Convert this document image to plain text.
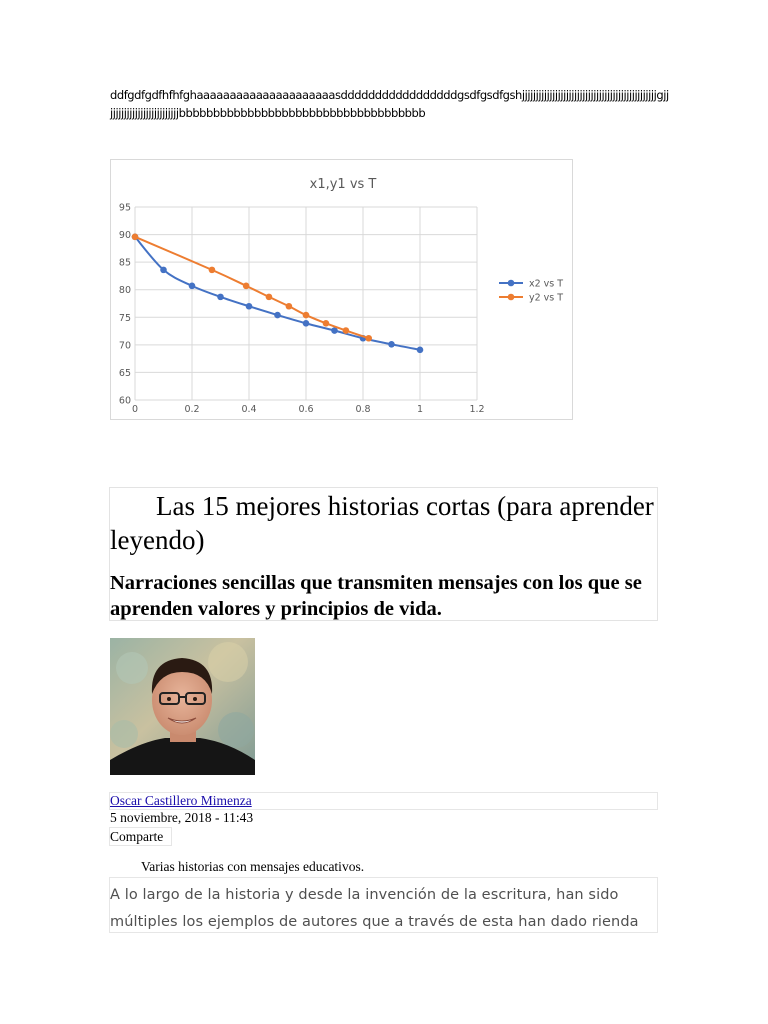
ddfgdfgdfhfhfghaaaaaaaaaaaaaaaaaaaaasdddddddddddddddddgsdfgsdfgshjjjjjjjjjjjjjjjjjjjjjjjjjjjjjjjjjjjjjjjjjjjjjjjjjgjjjjjjjjjjjjjjjjjjjjjjjjjjjbbbbbbbbbbbbbbbbbbbbbbbbbbbbbbbbbbbb
x1,y1 vs T
60
65
70
75
80
85
90
95
0	0.2	0.4	0.6	0.8	1	1.2
x2 vs T
y2 vs T
Las 15 mejores historias cortas (para aprender leyendo)
Narraciones sencillas que transmiten mensajes con los que se aprenden valores y principios de vida.
Oscar Castillero Mimenza
5 noviembre, 2018 - 11:43
Comparte
Varias historias con mensajes educativos.

A lo largo de la historia y desde la invención de la escritura, han sido múltiples los ejemplos de autores que a través de esta han dado rienda
